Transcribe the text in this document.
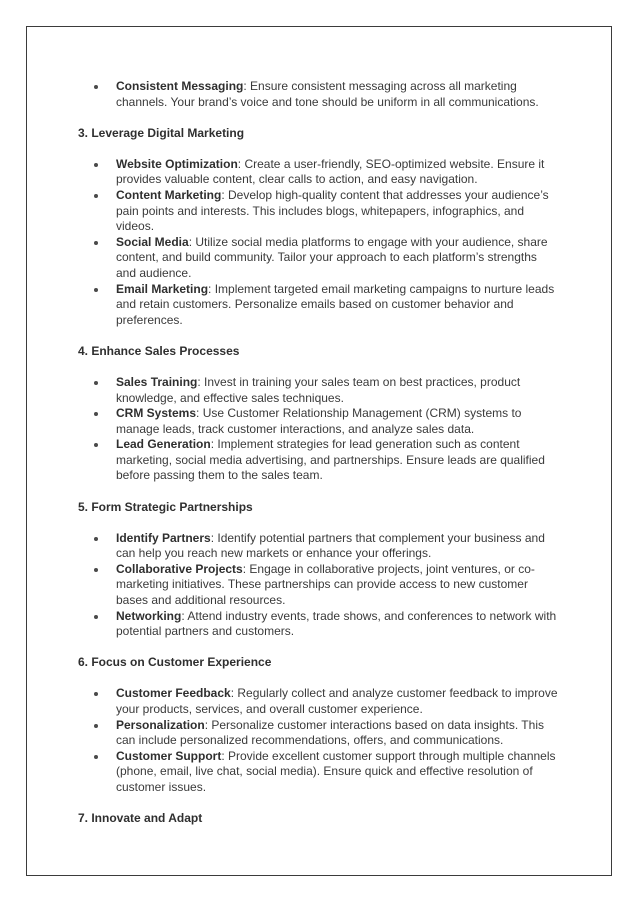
Consistent Messaging: Ensure consistent messaging across all marketing channels. Your brand’s voice and tone should be uniform in all communications.

3. Leverage Digital Marketing

Website Optimization: Create a user-friendly, SEO-optimized website. Ensure it provides valuable content, clear calls to action, and easy navigation.
Content Marketing: Develop high-quality content that addresses your audience’s pain points and interests. This includes blogs, whitepapers, infographics, and videos.
Social Media: Utilize social media platforms to engage with your audience, share content, and build community. Tailor your approach to each platform’s strengths and audience.
Email Marketing: Implement targeted email marketing campaigns to nurture leads and retain customers. Personalize emails based on customer behavior and preferences.

4. Enhance Sales Processes

Sales Training: Invest in training your sales team on best practices, product knowledge, and effective sales techniques.
CRM Systems: Use Customer Relationship Management (CRM) systems to manage leads, track customer interactions, and analyze sales data.
Lead Generation: Implement strategies for lead generation such as content marketing, social media advertising, and partnerships. Ensure leads are qualified before passing them to the sales team.

5. Form Strategic Partnerships

Identify Partners: Identify potential partners that complement your business and can help you reach new markets or enhance your offerings.
Collaborative Projects: Engage in collaborative projects, joint ventures, or co-marketing initiatives. These partnerships can provide access to new customer bases and additional resources.
Networking: Attend industry events, trade shows, and conferences to network with potential partners and customers.

6. Focus on Customer Experience

Customer Feedback: Regularly collect and analyze customer feedback to improve your products, services, and overall customer experience.
Personalization: Personalize customer interactions based on data insights. This can include personalized recommendations, offers, and communications.
Customer Support: Provide excellent customer support through multiple channels (phone, email, live chat, social media). Ensure quick and effective resolution of customer issues.

7. Innovate and Adapt
